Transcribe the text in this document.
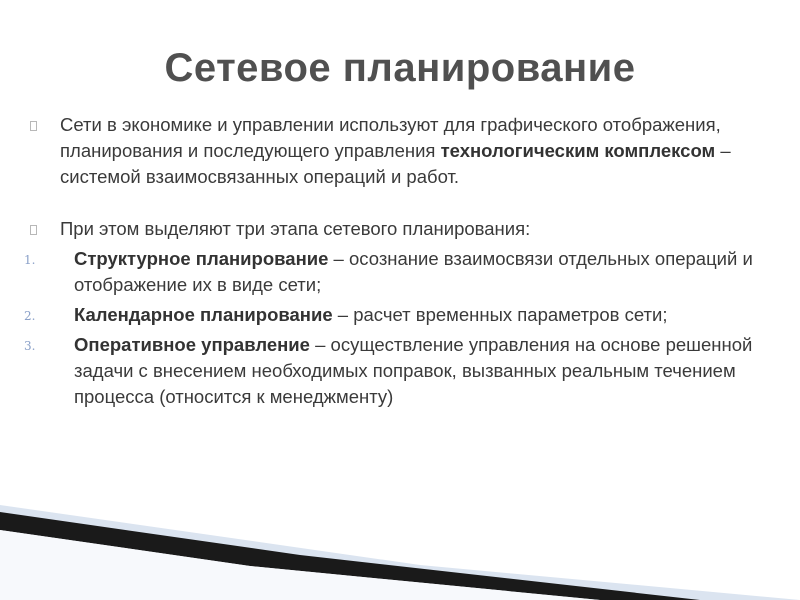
Сетевое планирование

Сети в экономике и управлении используют для графического отображения, планирования и последующего управления технологическим комплексом – системой взаимосвязанных операций и работ.

При этом выделяют три этапа сетевого планирования:

1. Структурное планирование – осознание взаимосвязи отдельных операций и отображение их в виде сети;
2. Календарное планирование – расчет временных параметров сети;
3. Оперативное управление – осуществление управления на основе решенной задачи с внесением необходимых поправок, вызванных реальным течением процесса (относится к менеджменту)
